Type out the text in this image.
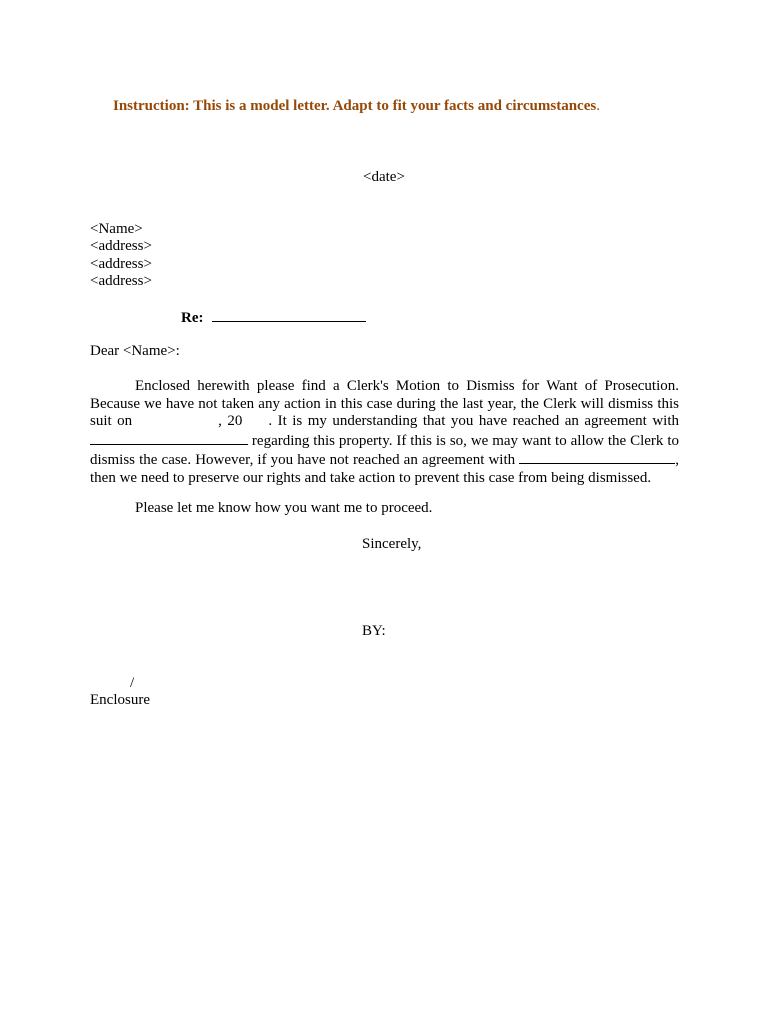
Instruction: This is a model letter. Adapt to fit your facts and circumstances.
<date>
<Name>
<address>
<address>
<address>
Re:
Dear <Name>:
Enclosed herewith please find a Clerk's Motion to Dismiss for Want of Prosecution.
Because we have not taken any action in this case during the last year, the Clerk will dismiss this
suit on	, 20 . It is my understanding that you have reached an agreement with
regarding this property. If this is so, we may want to allow the Clerk to
dismiss the case. However, if you have not reached an agreement with	,
then we need to preserve our rights and take action to prevent this case from being dismissed.
Please let me know how you want me to proceed.
Sincerely,
BY:
/
Enclosure
